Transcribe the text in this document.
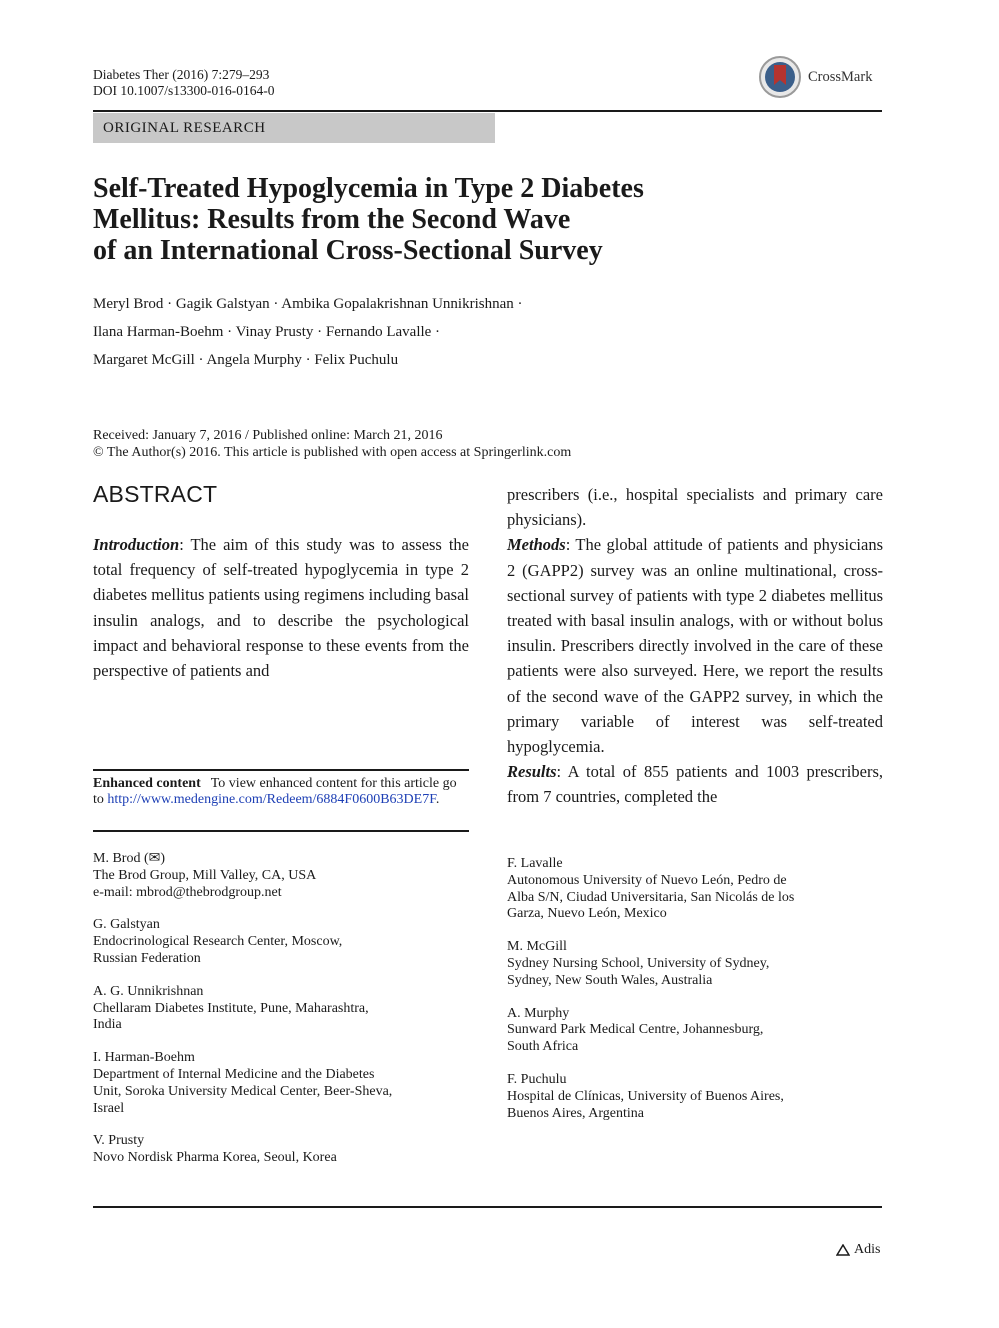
Diabetes Ther (2016) 7:279–293
DOI 10.1007/s13300-016-0164-0
CrossMark
ORIGINAL RESEARCH
Self-Treated Hypoglycemia in Type 2 Diabetes
Mellitus: Results from the Second Wave
of an International Cross-Sectional Survey
Meryl Brod · Gagik Galstyan · Ambika Gopalakrishnan Unnikrishnan ·
Ilana Harman-Boehm · Vinay Prusty · Fernando Lavalle ·
Margaret McGill · Angela Murphy · Felix Puchulu
Received: January 7, 2016 / Published online: March 21, 2016
© The Author(s) 2016. This article is published with open access at Springerlink.com
ABSTRACT

Introduction: The aim of this study was to assess the total frequency of self-treated hypoglycemia in type 2 diabetes mellitus patients using regimens including basal insulin analogs, and to describe the psychological impact and behavioral response to these events from the perspective of patients and

prescribers (i.e., hospital specialists and primary care physicians).

Methods: The global attitude of patients and physicians 2 (GAPP2) survey was an online multinational, cross-sectional survey of patients with type 2 diabetes mellitus treated with basal insulin analogs, with or without bolus insulin. Prescribers directly involved in the care of these patients were also surveyed. Here, we report the results of the second wave of the GAPP2 survey, in which the primary variable of interest was self-treated hypoglycemia.

Results: A total of 855 patients and 1003 prescribers, from 7 countries, completed the

Enhanced content To view enhanced content for this article go to http://www.medengine.com/Redeem/6884F0600B63DE7F.
M. Brod (✉)
The Brod Group, Mill Valley, CA, USA
e-mail: mbrod@thebrodgroup.net
G. Galstyan
Endocrinological Research Center, Moscow,
Russian Federation
A. G. Unnikrishnan
Chellaram Diabetes Institute, Pune, Maharashtra,
India
I. Harman-Boehm
Department of Internal Medicine and the Diabetes
Unit, Soroka University Medical Center, Beer-Sheva,
Israel
V. Prusty
Novo Nordisk Pharma Korea, Seoul, Korea
F. Lavalle
Autonomous University of Nuevo León, Pedro de
Alba S/N, Ciudad Universitaria, San Nicolás de los
Garza, Nuevo León, Mexico
M. McGill
Sydney Nursing School, University of Sydney,
Sydney, New South Wales, Australia
A. Murphy
Sunward Park Medical Centre, Johannesburg,
South Africa
F. Puchulu
Hospital de Clínicas, University of Buenos Aires,
Buenos Aires, Argentina
Adis
